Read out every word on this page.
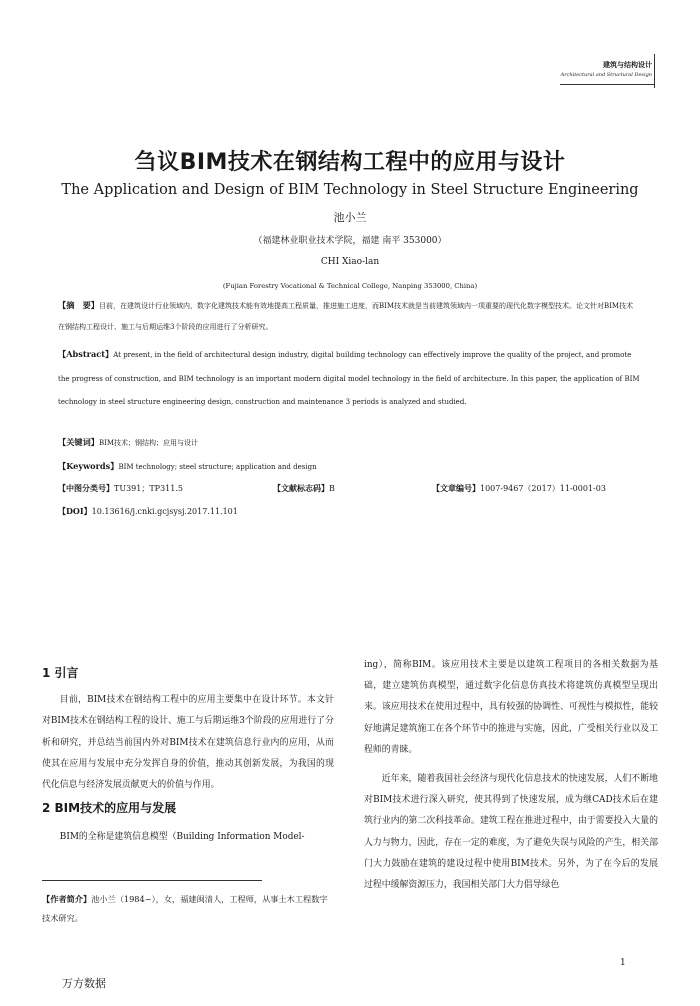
建筑与结构设计
Architectural and Structural Design
刍议BIM技术在钢结构工程中的应用与设计
The Application and Design of BIM Technology in Steel Structure Engineering
池小兰
（福建林业职业技术学院，福建 南平 353000）
CHI Xiao-lan
(Fujian Forestry Vocational & Technical College, Nanping 353000, China)
【摘　要】目前，在建筑设计行业领域内，数字化建筑技术能有效地提高工程质量，推进施工进度，而BIM技术就是当前建筑领域内一项重要的现代化数字模型技术。论文针对BIM技术在钢结构工程设计、施工与后期运维3个阶段的应用进行了分析研究。
【Abstract】At present, in the field of architectural design industry, digital building technology can effectively improve the quality of the project, and promote the progress of construction, and BIM technology is an important modern digital model technology in the field of architecture. In this paper, the application of BIM technology in steel structure engineering design, construction and maintenance 3 periods is analyzed and studied.
【关键词】BIM技术；钢结构；应用与设计
【Keywords】BIM technology; steel structure; application and design
【中图分类号】TU391；TP311.5	【文献标志码】B	【文章编号】1007-9467（2017）11-0001-03
【DOI】10.13616/j.cnki.gcjsysj.2017.11.101
1 引言

目前，BIM技术在钢结构工程中的应用主要集中在设计环节。本文针对BIM技术在钢结构工程的设计、施工与后期运维3个阶段的应用进行了分析和研究，并总结当前国内外对BIM技术在建筑信息行业内的应用，从而使其在应用与发展中充分发挥自身的价值，推动其创新发展，为我国的现代化信息与经济发展贡献更大的价值与作用。

2 BIM技术的应用与发展

BIM的全称是建筑信息模型（Building Information Model-

【作者简介】池小兰（1984~），女，福建闽清人，工程师，从事土木工程数字技术研究。

ing），简称BIM。该应用技术主要是以建筑工程项目的各相关数据为基础，建立建筑仿真模型，通过数字化信息仿真技术将建筑仿真模型呈现出来。该应用技术在使用过程中，具有较强的协调性、可视性与模拟性，能较好地满足建筑施工在各个环节中的推进与实施，因此，广受相关行业以及工程师的青睐。

近年来，随着我国社会经济与现代化信息技术的快速发展，人们不断地对BIM技术进行深入研究，使其得到了快速发展，成为继CAD技术后在建筑行业内的第二次科技革命。建筑工程在推进过程中，由于需要投入大量的人力与物力，因此，存在一定的难度，为了避免失误与风险的产生，相关部门大力鼓励在建筑的建设过程中使用BIM技术。另外，为了在今后的发展过程中缓解资源压力，我国相关部门大力倡导绿色

1
万方数据
